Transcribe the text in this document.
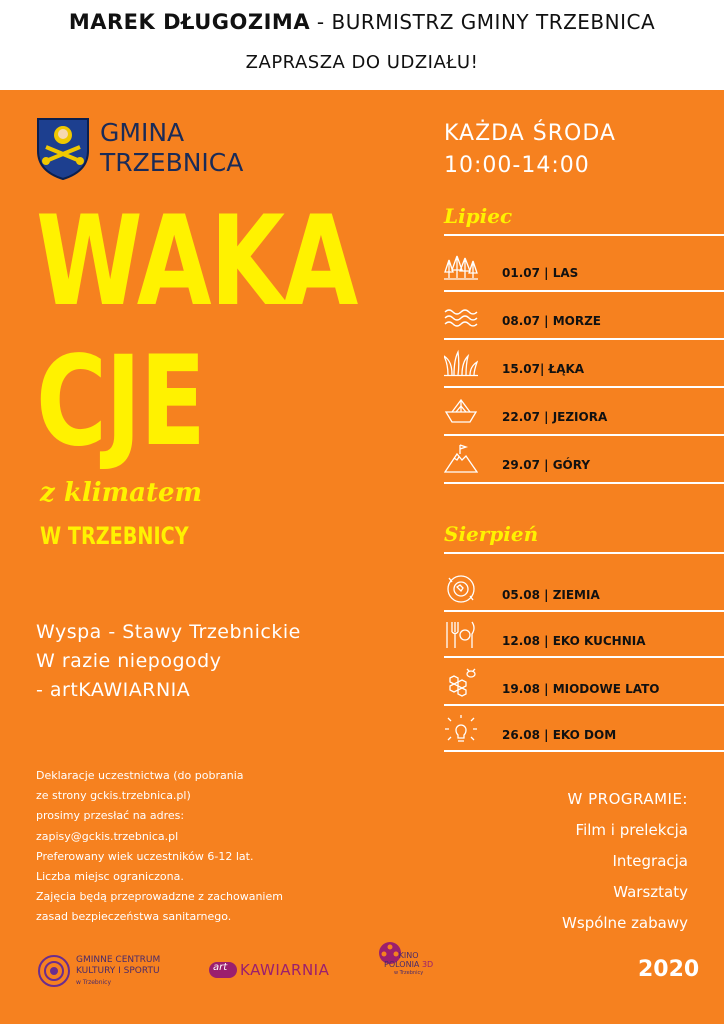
MAREK DŁUGOZIMA - BURMISTRZ GMINY TRZEBNICA
ZAPRASZA DO UDZIAŁU!
GMINA
TRZEBNICA
WAKA
CJE
z klimatem
W TRZEBNICY
Wyspa - Stawy Trzebnickie
W razie niepogody
- artKAWIARNIA
Deklaracje uczestnictwa (do pobrania
ze strony gckis.trzebnica.pl)
prosimy przesłać na adres:
zapisy@gckis.trzebnica.pl
Preferowany wiek uczestników 6-12 lat.
Liczba miejsc ograniczona.
Zajęcia będą przeprowadzne z zachowaniem
zasad bezpieczeństwa sanitarnego.
KAŻDA ŚRODA
10:00-14:00
Lipiec
01.07 | LAS
08.07 | MORZE
15.07| ŁĄKA
22.07 | JEZIORA
29.07 | GÓRY
Sierpień
05.08 | ZIEMIA
12.08 | EKO KUCHNIA
19.08 | MIODOWE LATO
26.08 | EKO DOM
W PROGRAMIE:
Film i prelekcja
Integracja
Warsztaty
Wspólne zabawy
GMINNE CENTRUM
KULTURY I SPORTU
w Trzebnicy
art KAWIARNIA
KINO
POLONIA 3D
w Trzebnicy	2020
